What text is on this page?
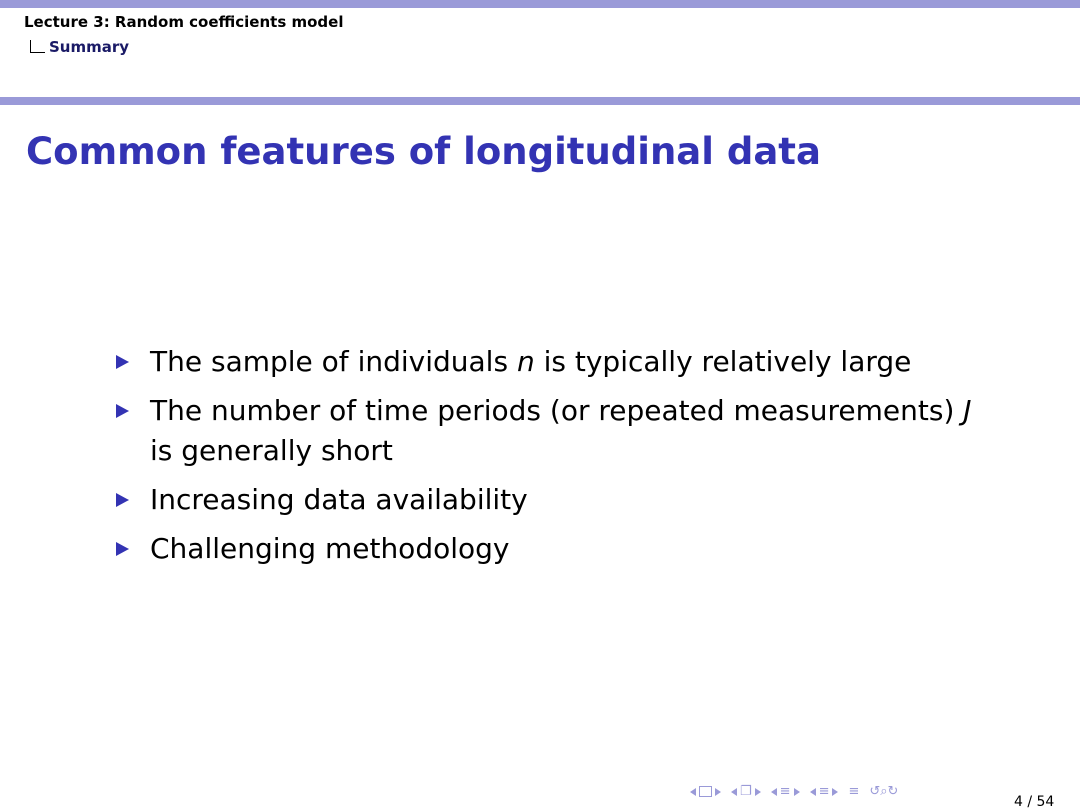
Lecture 3: Random coefficients model
Summary
Common features of longitudinal data
The sample of individuals n is typically relatively large
The number of time periods (or repeated measurements) J is generally short
Increasing data availability
Challenging methodology
❐ ≡ ≡ ≡ ↺⌕↻
4 / 54
